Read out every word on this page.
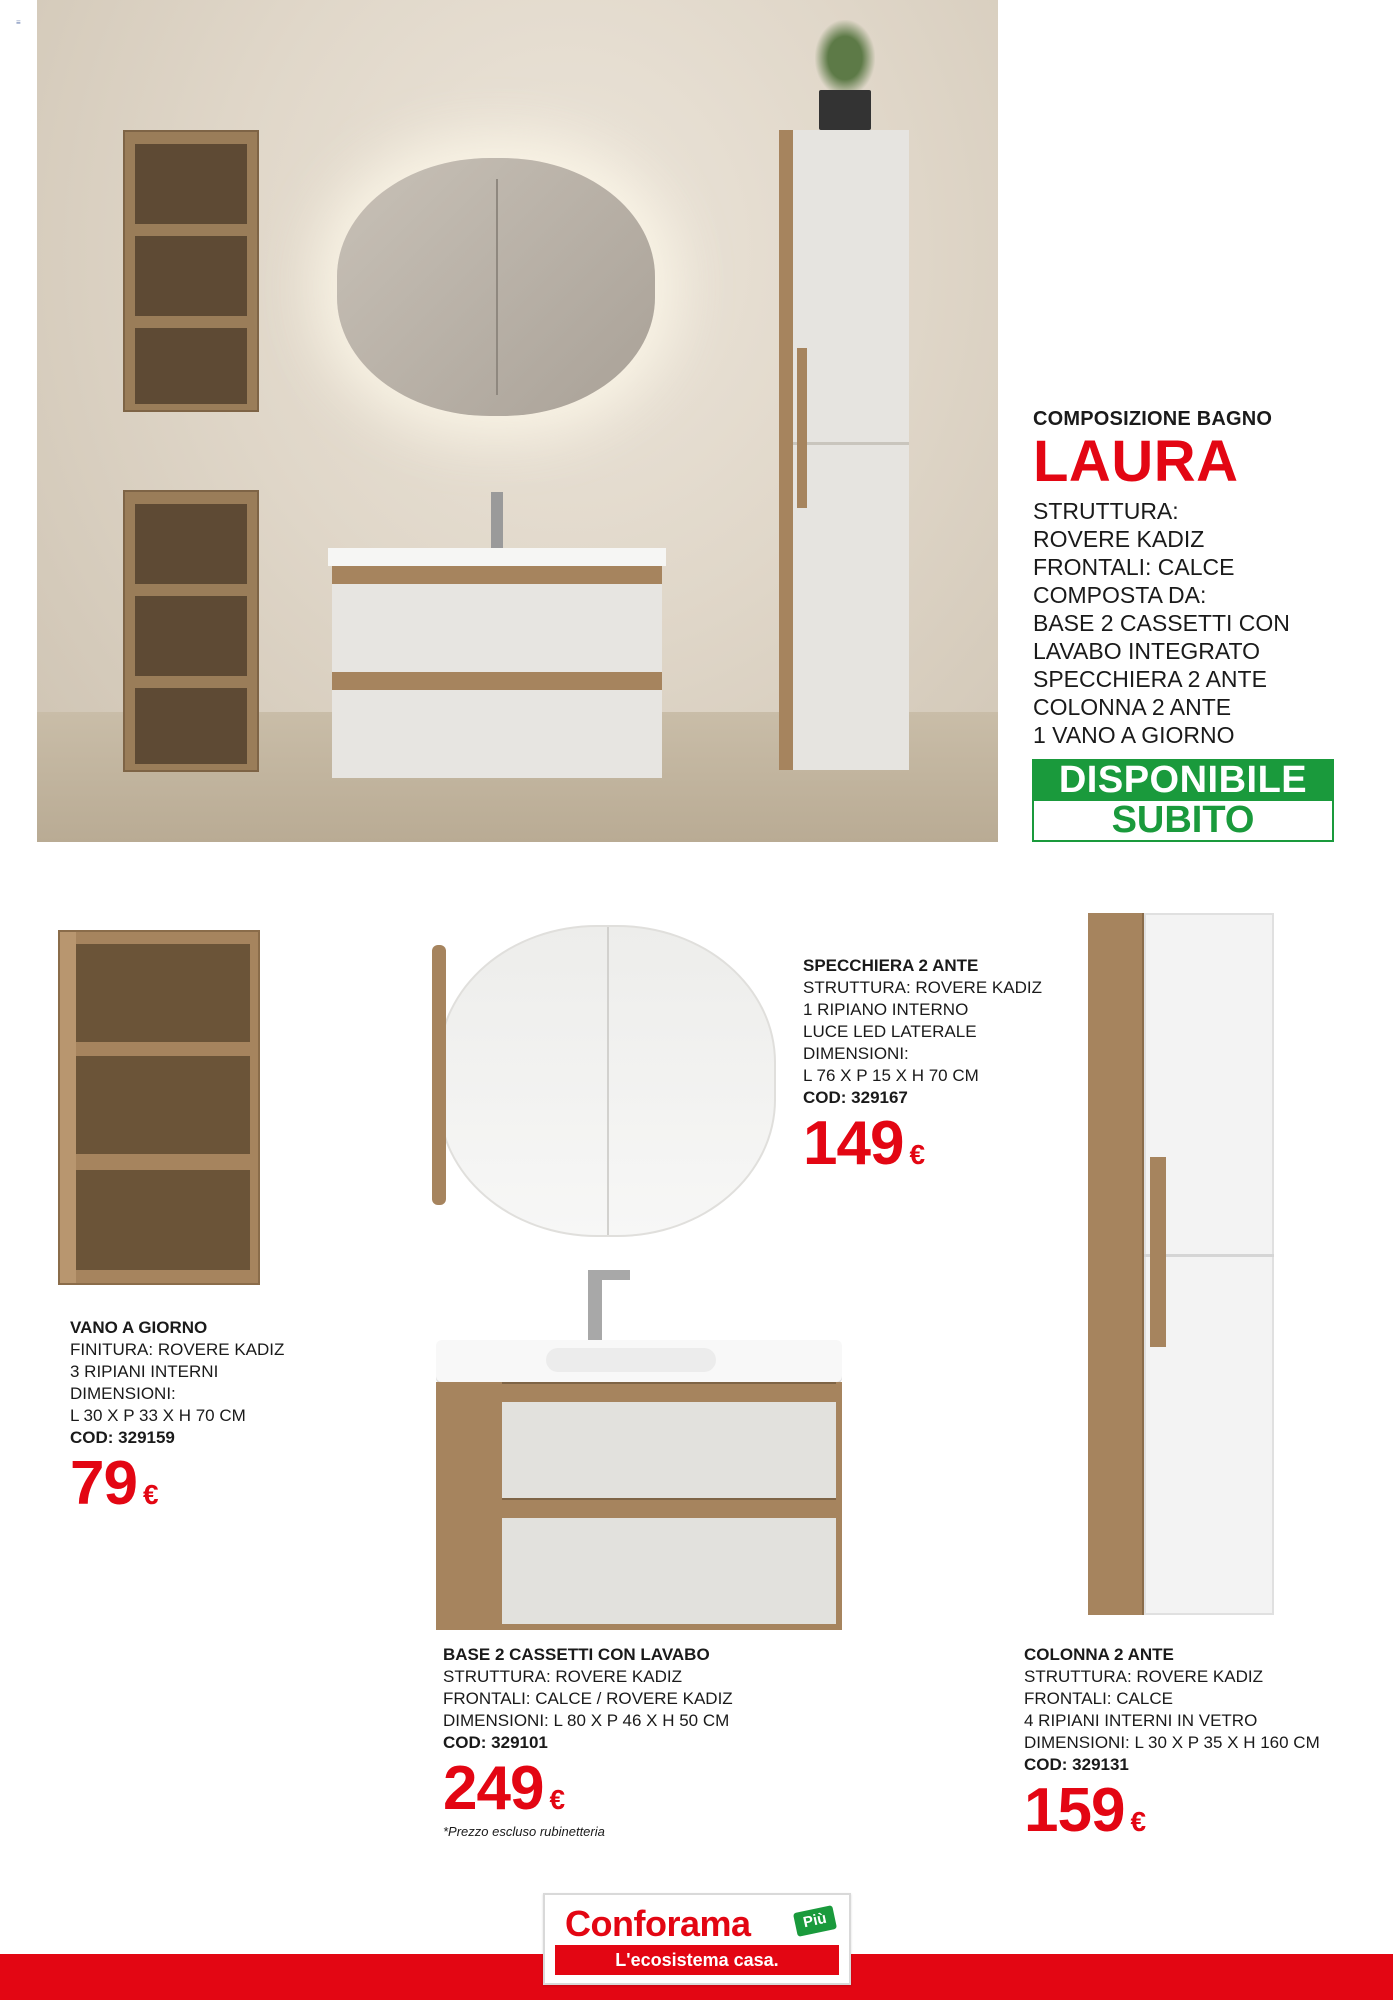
≡
COMPOSIZIONE BAGNO
LAURA
STRUTTURA:
ROVERE KADIZ
FRONTALI: CALCE
COMPOSTA DA:
BASE 2 CASSETTI CON
LAVABO INTEGRATO
SPECCHIERA 2 ANTE
COLONNA 2 ANTE
1 VANO A GIORNO
DISPONIBILE
SUBITO
VANO A GIORNO
FINITURA: ROVERE KADIZ
3 RIPIANI INTERNI
DIMENSIONI:
L 30 X P 33 X H 70 CM
COD: 329159
79 €
SPECCHIERA 2 ANTE
STRUTTURA: ROVERE KADIZ
1 RIPIANO INTERNO
LUCE LED LATERALE
DIMENSIONI:
L 76 X P 15 X H 70 CM
COD: 329167
149 €
BASE 2 CASSETTI CON LAVABO
STRUTTURA: ROVERE KADIZ
FRONTALI: CALCE / ROVERE KADIZ
DIMENSIONI: L 80 X P 46 X H 50 CM
COD: 329101
249 €
*Prezzo escluso rubinetteria
COLONNA 2 ANTE
STRUTTURA: ROVERE KADIZ
FRONTALI: CALCE
4 RIPIANI INTERNI IN VETRO
DIMENSIONI: L 30 X P 35 X H 160 CM
COD: 329131
159 €
Conforama	Più
L'ecosistema casa.
